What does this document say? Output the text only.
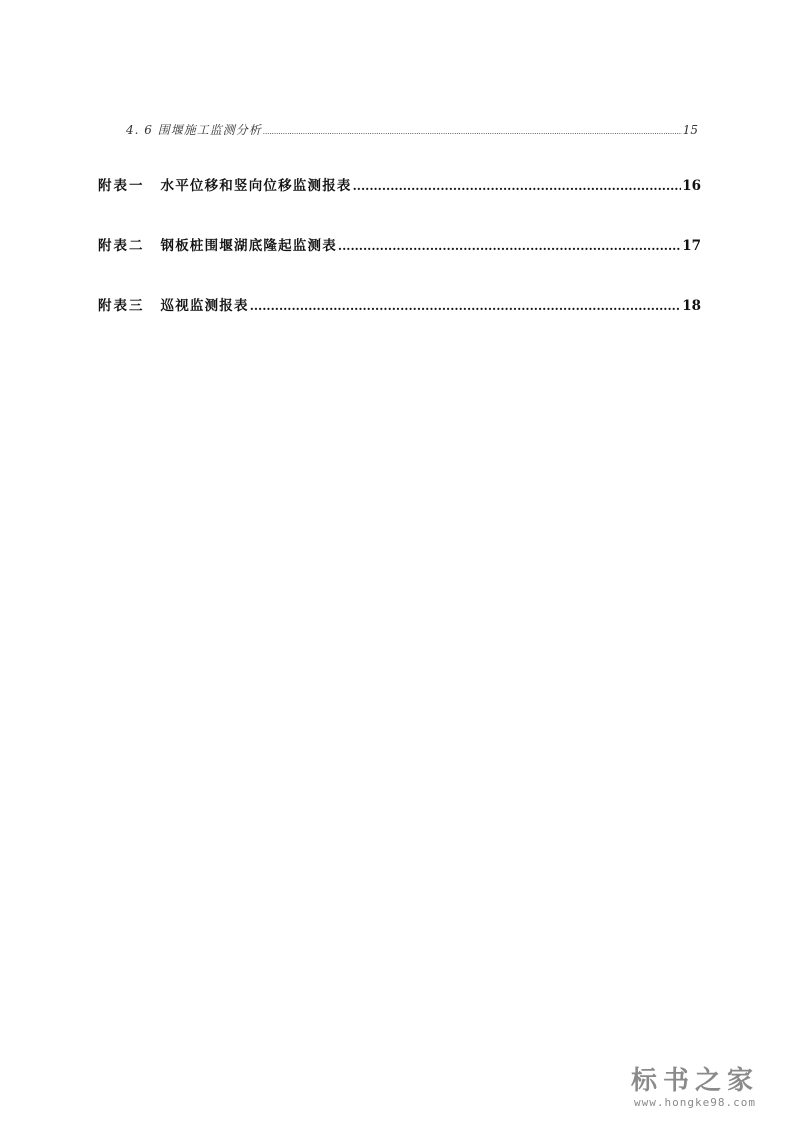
4. 6 围堰施工监测分析 .....	15
附表一 水平位移和竖向位移监测报表 .....	16
附表二 钢板桩围堰湖底隆起监测表 .....	17
附表三 巡视监测报表 .....	18
标书之家
www.hongke98.com
